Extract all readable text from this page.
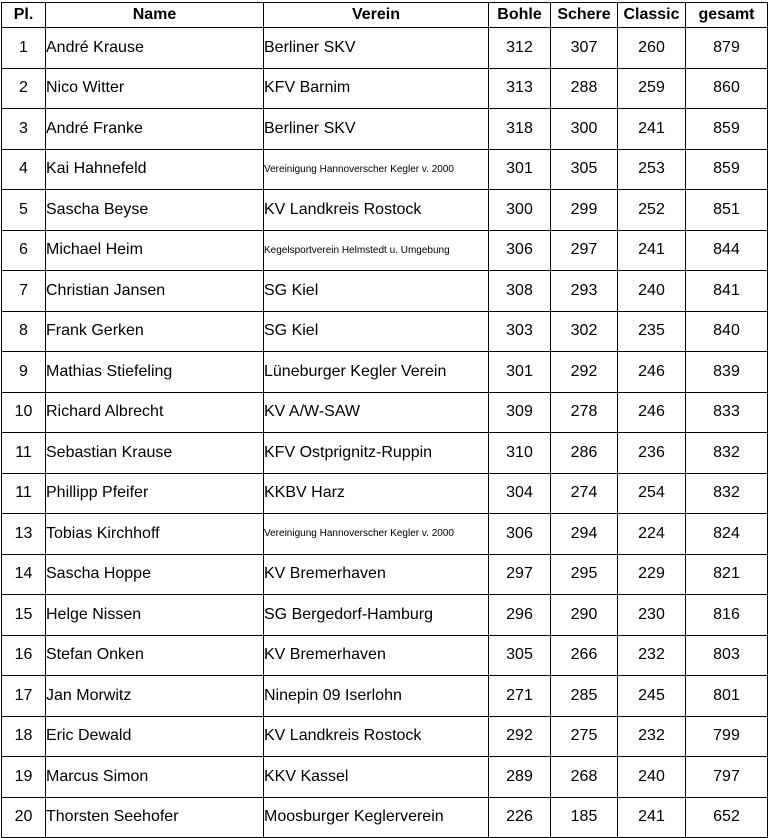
Pl.	Name	Verein	Bohle	Schere	Classic	gesamt
1	André Krause	Berliner SKV	312	307	260	879
2	Nico Witter	KFV Barnim	313	288	259	860
3	André Franke	Berliner SKV	318	300	241	859
4	Kai Hahnefeld	Vereinigung Hannoverscher Kegler v. 2000	301	305	253	859
5	Sascha Beyse	KV Landkreis Rostock	300	299	252	851
6	Michael Heim	Kegelsportverein Helmstedt u. Umgebung	306	297	241	844
7	Christian Jansen	SG Kiel	308	293	240	841
8	Frank Gerken	SG Kiel	303	302	235	840
9	Mathias Stiefeling	Lüneburger Kegler Verein	301	292	246	839
10	Richard Albrecht	KV A/W-SAW	309	278	246	833
11	Sebastian Krause	KFV Ostprignitz-Ruppin	310	286	236	832
11	Phillipp Pfeifer	KKBV Harz	304	274	254	832
13	Tobias Kirchhoff	Vereinigung Hannoverscher Kegler v. 2000	306	294	224	824
14	Sascha Hoppe	KV Bremerhaven	297	295	229	821
15	Helge Nissen	SG Bergedorf-Hamburg	296	290	230	816
16	Stefan Onken	KV Bremerhaven	305	266	232	803
17	Jan Morwitz	Ninepin 09 Iserlohn	271	285	245	801
18	Eric Dewald	KV Landkreis Rostock	292	275	232	799
19	Marcus Simon	KKV Kassel	289	268	240	797
20	Thorsten Seehofer	Moosburger Keglerverein	226	185	241	652
